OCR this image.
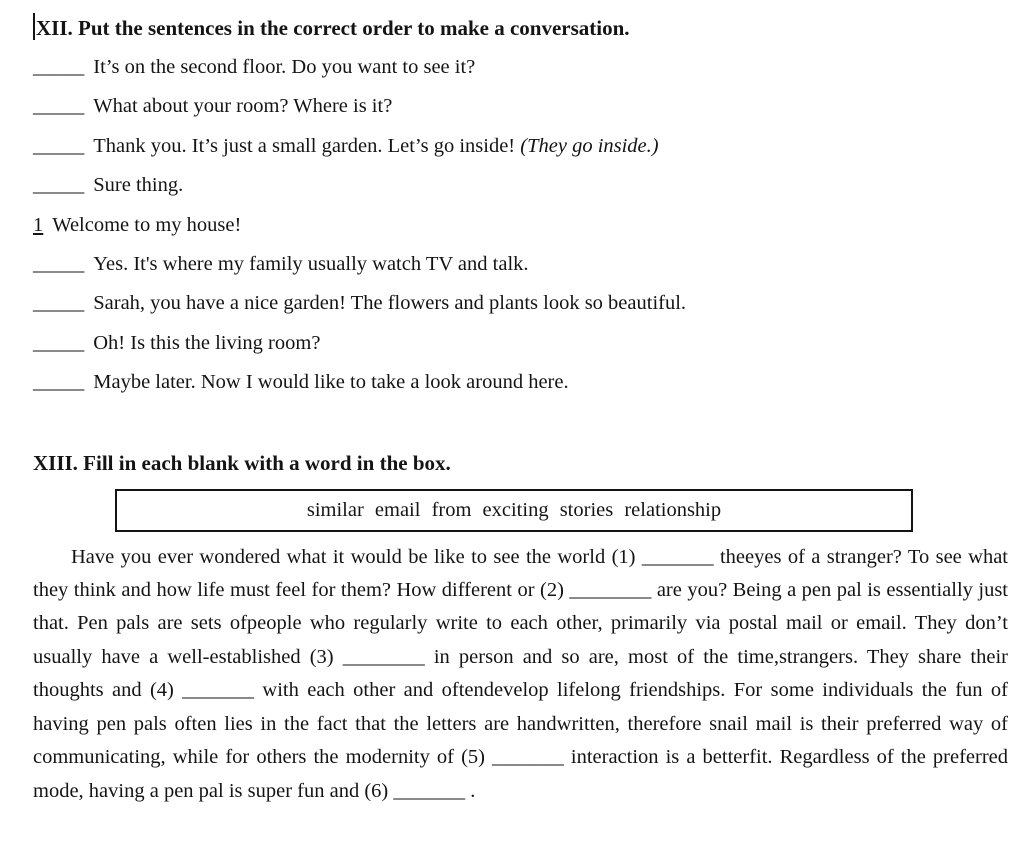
XII. Put the sentences in the correct order to make a conversation.
_____ It’s on the second floor. Do you want to see it?
_____ What about your room? Where is it?
_____ Thank you. It’s just a small garden. Let’s go inside! (They go inside.)
_____ Sure thing.
1 Welcome to my house!
_____ Yes. It's where my family usually watch TV and talk.
_____ Sarah, you have a nice garden! The flowers and plants look so beautiful.
_____ Oh! Is this the living room?
_____ Maybe later. Now I would like to take a look around here.
XIII. Fill in each blank with a word in the box.
similar email from exciting stories relationship
Have you ever wondered what it would be like to see the world (1) _______ theeyes of a stranger? To see what they think and how life must feel for them? How different or (2) ________ are you? Being a pen pal is essentially just that. Pen pals are sets ofpeople who regularly write to each other, primarily via postal mail or email. They don’t usually have a well-established (3) ________ in person and so are, most of the time,strangers. They share their thoughts and (4) _______ with each other and oftendevelop lifelong friendships. For some individuals the fun of having pen pals often lies in the fact that the letters are handwritten, therefore snail mail is their preferred way of communicating, while for others the modernity of (5) _______ interaction is a betterfit. Regardless of the preferred mode, having a pen pal is super fun and (6) _______ .
